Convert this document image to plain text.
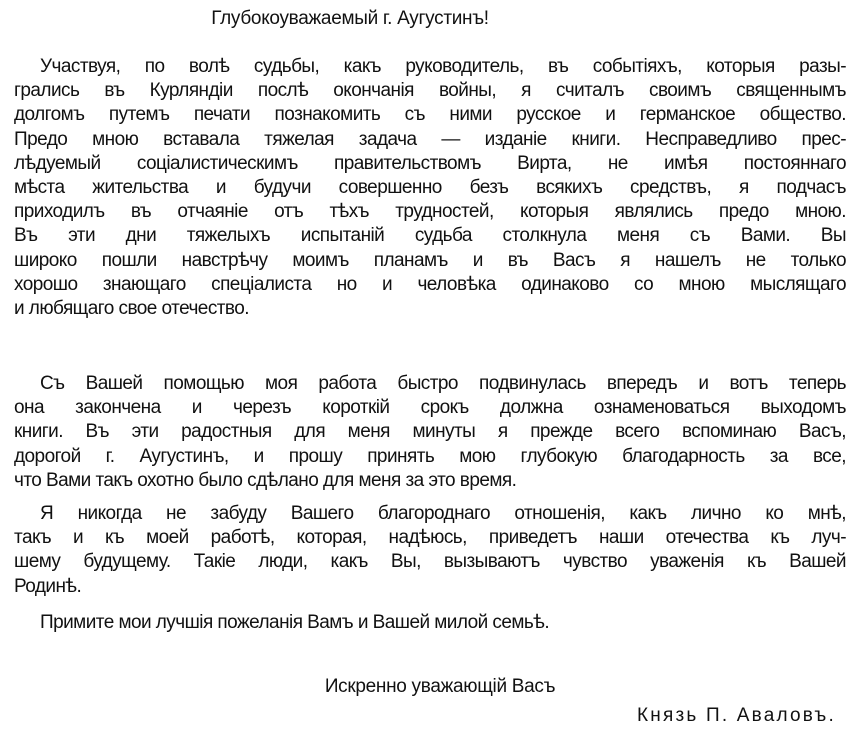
Глубокоуважаемый г. Аугустинъ!
Участвуя, по волѣ судьбы, какъ руководитель, въ событiяхъ, которыя разы-
грались въ Курляндiи послѣ окончанiя войны, я считалъ своимъ священнымъ
долгомъ путемъ печати познакомить съ ними русское и германское общество.
Предо мною вставала тяжелая задача — изданiе книги. Несправедливо прес-
лѣдуемый соцiалистическимъ правительствомъ Вирта, не имѣя постояннаго
мѣста жительства и будучи совершенно безъ всякихъ средствъ, я подчасъ
приходилъ въ отчаянiе отъ тѣхъ трудностей, которыя являлись предо мною.
Въ эти дни тяжелыхъ испытанiй судьба столкнула меня съ Вами. Вы
широко пошли навстрѣчу моимъ планамъ и въ Васъ я нашелъ не только
хорошо знающаго спецiалиста но и человѣка одинаково со мною мыслящаго
и любящаго свое отечество.
Съ Вашей помощью моя работа быстро подвинулась впередъ и вотъ теперь
она закончена и черезъ короткiй срокъ должна ознаменоваться выходомъ
книги. Въ эти радостныя для меня минуты я прежде всего вспоминаю Васъ,
дорогой г. Аугустинъ, и прошу принять мою глубокую благодарность за все,
что Вами такъ охотно было сдѣлано для меня за это время.
Я никогда не забуду Вашего благороднаго отношенiя, какъ лично ко мнѣ,
такъ и къ моей работѣ, которая, надѣюсь, приведетъ наши отечества къ луч-
шему будущему. Такiе люди, какъ Вы, вызываютъ чувство уваженiя къ Вашей
Родинѣ.
Примите мои лучшiя пожеланiя Вамъ и Вашей милой семьѣ.
Искренно уважающiй Васъ
Князь П. Аваловъ.
